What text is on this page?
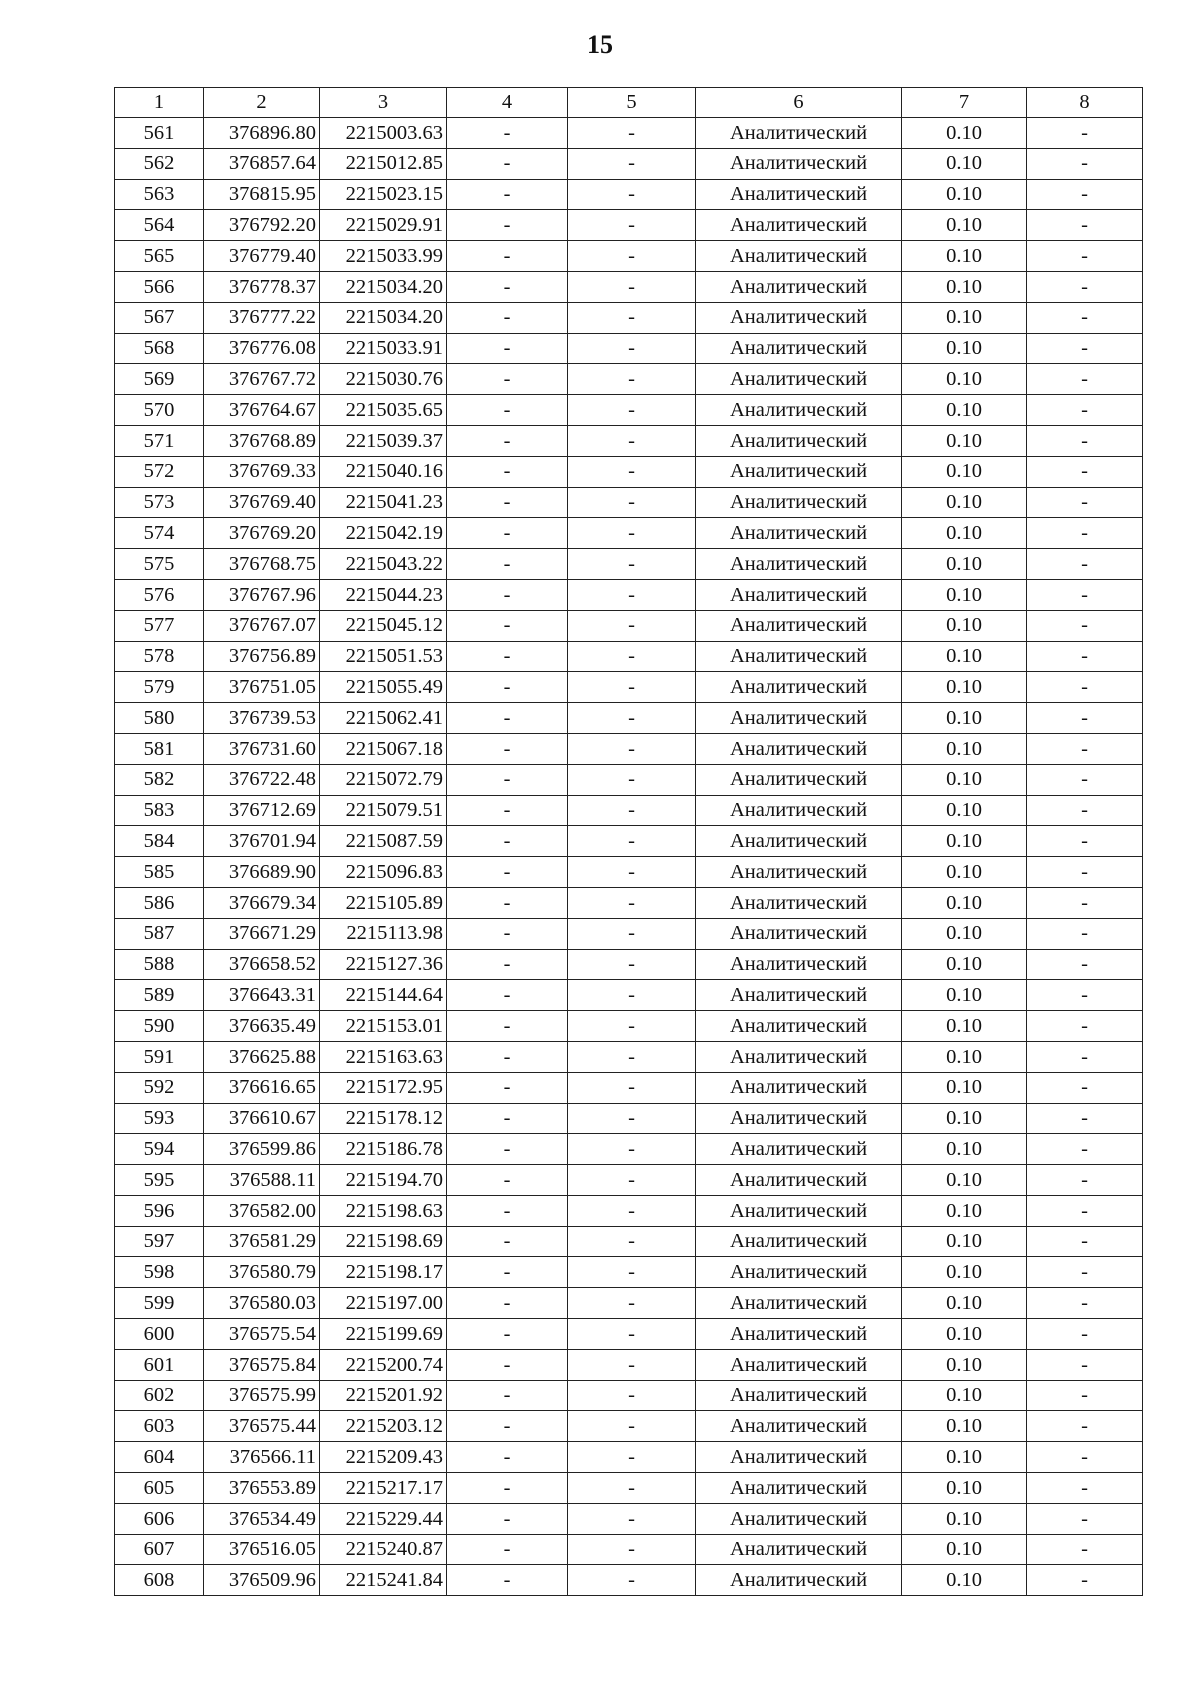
15
1	2	3	4	5	6	7	8
561	376896.80	2215003.63	-	-	Аналитический	0.10	-
562	376857.64	2215012.85	-	-	Аналитический	0.10	-
563	376815.95	2215023.15	-	-	Аналитический	0.10	-
564	376792.20	2215029.91	-	-	Аналитический	0.10	-
565	376779.40	2215033.99	-	-	Аналитический	0.10	-
566	376778.37	2215034.20	-	-	Аналитический	0.10	-
567	376777.22	2215034.20	-	-	Аналитический	0.10	-
568	376776.08	2215033.91	-	-	Аналитический	0.10	-
569	376767.72	2215030.76	-	-	Аналитический	0.10	-
570	376764.67	2215035.65	-	-	Аналитический	0.10	-
571	376768.89	2215039.37	-	-	Аналитический	0.10	-
572	376769.33	2215040.16	-	-	Аналитический	0.10	-
573	376769.40	2215041.23	-	-	Аналитический	0.10	-
574	376769.20	2215042.19	-	-	Аналитический	0.10	-
575	376768.75	2215043.22	-	-	Аналитический	0.10	-
576	376767.96	2215044.23	-	-	Аналитический	0.10	-
577	376767.07	2215045.12	-	-	Аналитический	0.10	-
578	376756.89	2215051.53	-	-	Аналитический	0.10	-
579	376751.05	2215055.49	-	-	Аналитический	0.10	-
580	376739.53	2215062.41	-	-	Аналитический	0.10	-
581	376731.60	2215067.18	-	-	Аналитический	0.10	-
582	376722.48	2215072.79	-	-	Аналитический	0.10	-
583	376712.69	2215079.51	-	-	Аналитический	0.10	-
584	376701.94	2215087.59	-	-	Аналитический	0.10	-
585	376689.90	2215096.83	-	-	Аналитический	0.10	-
586	376679.34	2215105.89	-	-	Аналитический	0.10	-
587	376671.29	2215113.98	-	-	Аналитический	0.10	-
588	376658.52	2215127.36	-	-	Аналитический	0.10	-
589	376643.31	2215144.64	-	-	Аналитический	0.10	-
590	376635.49	2215153.01	-	-	Аналитический	0.10	-
591	376625.88	2215163.63	-	-	Аналитический	0.10	-
592	376616.65	2215172.95	-	-	Аналитический	0.10	-
593	376610.67	2215178.12	-	-	Аналитический	0.10	-
594	376599.86	2215186.78	-	-	Аналитический	0.10	-
595	376588.11	2215194.70	-	-	Аналитический	0.10	-
596	376582.00	2215198.63	-	-	Аналитический	0.10	-
597	376581.29	2215198.69	-	-	Аналитический	0.10	-
598	376580.79	2215198.17	-	-	Аналитический	0.10	-
599	376580.03	2215197.00	-	-	Аналитический	0.10	-
600	376575.54	2215199.69	-	-	Аналитический	0.10	-
601	376575.84	2215200.74	-	-	Аналитический	0.10	-
602	376575.99	2215201.92	-	-	Аналитический	0.10	-
603	376575.44	2215203.12	-	-	Аналитический	0.10	-
604	376566.11	2215209.43	-	-	Аналитический	0.10	-
605	376553.89	2215217.17	-	-	Аналитический	0.10	-
606	376534.49	2215229.44	-	-	Аналитический	0.10	-
607	376516.05	2215240.87	-	-	Аналитический	0.10	-
608	376509.96	2215241.84	-	-	Аналитический	0.10	-
